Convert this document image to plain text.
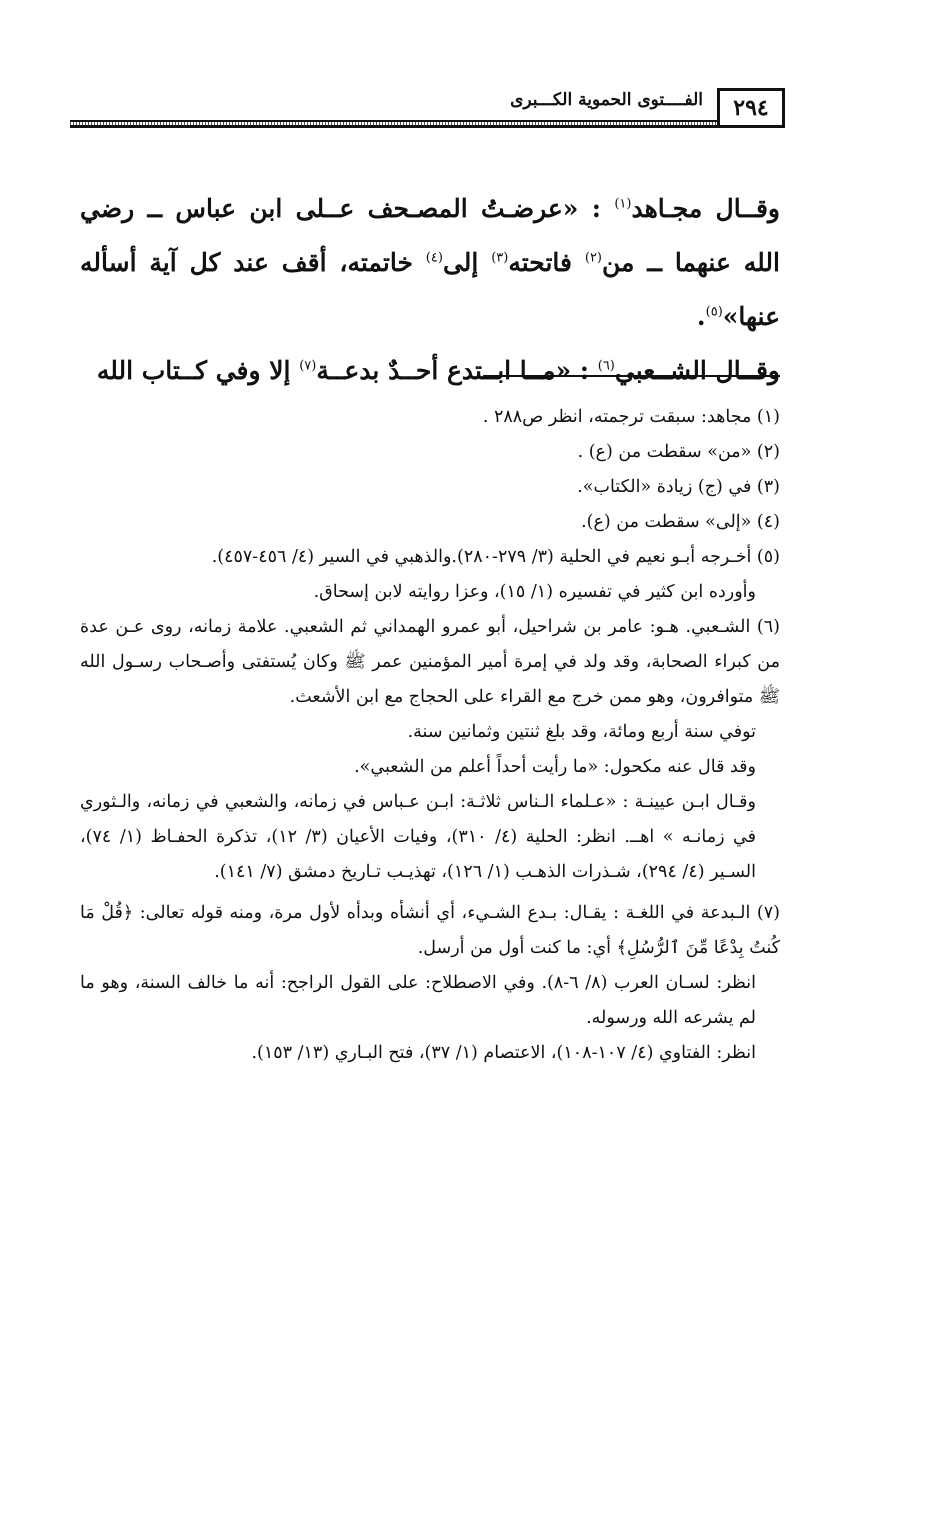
٢٩٤
الفــــتوى الحموية الكـــبرى

وقــال مجـاهد$^{(١)}$ : «عرضـتُ المصـحف عــلى ابن عباس ــ رضي الله عنهما ــ من$^{(٢)}$ فاتحته$^{(٣)}$ إلى$^{(٤)}$ خاتمته، أقف عند كل آية أسأله عنها»$^{(٥)}$.

وقــال الشــعبي$^{(٦)}$ : «مــا ابــتدع أحــدٌ بدعــة$^{(٧)}$ إلا وفي كــتاب الله

(١) مجاهد: سبقت ترجمته، انظر ص٢٨٨ .

(٢) «من» سقطت من (ع) .

(٣) في (ج) زيادة «الكتاب».

(٤) «إلى» سقطت من (ع).

(٥) أخـرجه أبـو نعيم في الحلية (٣/ ٢٧٩-٢٨٠).والذهبي في السير (٤/ ٤٥٦-٤٥٧).

وأورده ابن كثير في تفسيره (١/ ١٥)، وعزا روايته لابن إسحاق.

(٦) الشـعبي. هـو: عامر بن شراحيل، أبو عمرو الهمداني ثم الشعبي. علامة زمانه، روى عـن عدة من كبراء الصحابة، وقد ولد في إمرة أمير المؤمنين عمر ﷺ وكان يُستفتى وأصـحاب رسـول الله ﷺ متوافرون، وهو ممن خرج مع القراء على الحجاج مع ابن الأشعث.

توفي سنة أربع ومائة، وقد بلغ ثنتين وثمانين سنة.

وقد قال عنه مكحول: «ما رأيت أحداً أعلم من الشعبي».

وقـال ابـن عيينـة : «عـلماء الـناس ثلاثـة: ابـن عـباس في زمانه، والشعبي في زمانه، والـثوري في زمانـه » اهــ. انظر: الحلية (٤/ ٣١٠)، وفيات الأعيان (٣/ ١٢)، تذكرة الحفـاظ (١/ ٧٤)، السـير (٤/ ٢٩٤)، شـذرات الذهـب (١/ ١٢٦)، تهذيـب تـاريخ دمشق (٧/ ١٤١).

(٧) الـبدعة في اللغـة : يقـال: بـدع الشـيء، أي أنشأه وبدأه لأول مرة، ومنه قوله تعالى: ﴿قُلْ مَا كُنتُ بِدْعًا مِّنَ ٱلرُّسُلِ﴾ أي: ما كنت أول من أرسل.

انظر: لسـان العرب (٨/ ٦-٨). وفي الاصطلاح: على القول الراجح: أنه ما خالف السنة، وهو ما لم يشرعه الله ورسوله.

انظر: الفتاوي (٤/ ١٠٧-١٠٨)، الاعتصام (١/ ٣٧)، فتح البـاري (١٣/ ١٥٣).
